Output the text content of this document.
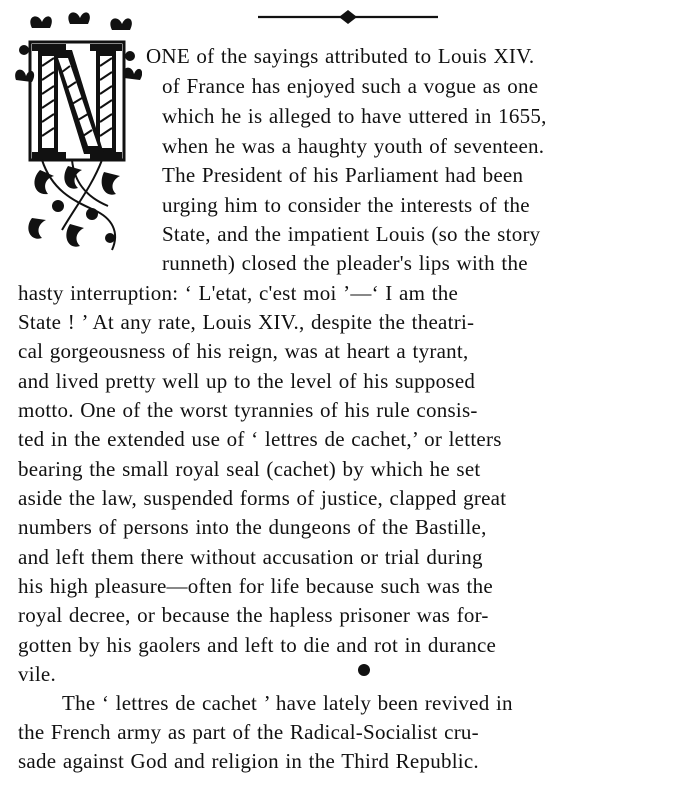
ONE of the sayings attributed to Louis XIV.
of France has enjoyed such a vogue as one
which he is alleged to have uttered in 1655,
when he was a haughty youth of seventeen.
The President of his Parliament had been
urging him to consider the interests of the
State, and the impatient Louis (so the story
runneth) closed the pleader's lips with the
hasty interruption: ‘ L'etat, c'est moi ’—‘ I am the
State ! ’ At any rate, Louis XIV., despite the theatri-
cal gorgeousness of his reign, was at heart a tyrant,
and lived pretty well up to the level of his supposed
motto. One of the worst tyrannies of his rule consis-
ted in the extended use of ‘ lettres de cachet,’ or letters
bearing the small royal seal (cachet) by which he set
aside the law, suspended forms of justice, clapped great
numbers of persons into the dungeons of the Bastille,
and left them there without accusation or trial during
his high pleasure—often for life because such was the
royal decree, or because the hapless prisoner was for-
gotten by his gaolers and left to die and rot in durance
vile.
The ‘ lettres de cachet ’ have lately been revived in
the French army as part of the Radical-Socialist cru-
sade against God and religion in the Third Republic.
